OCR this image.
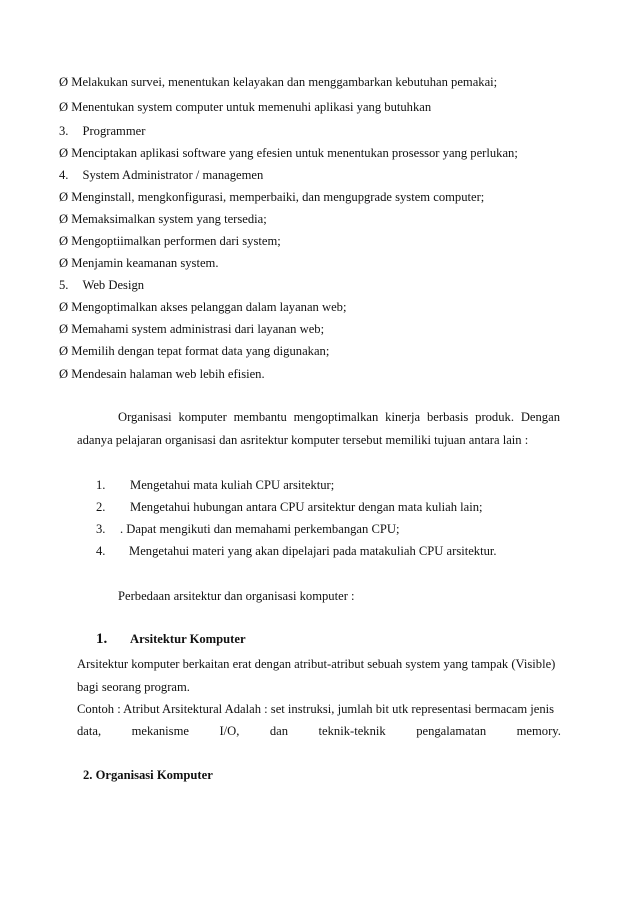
Ø Melakukan survei, menentukan kelayakan dan menggambarkan kebutuhan pemakai;
Ø Menentukan system computer untuk memenuhi aplikasi yang butuhkan
3. Programmer
Ø Menciptakan aplikasi software yang efesien untuk menentukan prosessor yang perlukan;
4. System Administrator / managemen
Ø Menginstall, mengkonfigurasi, memperbaiki, dan mengupgrade system computer;
Ø Memaksimalkan system yang tersedia;
Ø Mengoptiimalkan performen dari system;
Ø Menjamin keamanan system.
5. Web Design
Ø Mengoptimalkan akses pelanggan dalam layanan web;
Ø Memahami system administrasi dari layanan web;
Ø Memilih dengan tepat format data yang digunakan;
Ø Mendesain halaman web lebih efisien.
Organisasi komputer membantu mengoptimalkan kinerja berbasis produk. Dengan
adanya pelajaran organisasi dan asritektur komputer tersebut memiliki tujuan antara lain :
1. Mengetahui mata kuliah CPU arsitektur;
2. Mengetahui hubungan antara CPU arsitektur dengan mata kuliah lain;
3. . Dapat mengikuti dan memahami perkembangan CPU;
4. Mengetahui materi yang akan dipelajari pada matakuliah CPU arsitektur.
Perbedaan arsitektur dan organisasi komputer :
1. Arsitektur Komputer
Arsitektur komputer berkaitan erat dengan atribut-atribut sebuah system yang tampak (Visible)
bagi seorang program.
Contoh : Atribut Arsitektural Adalah : set instruksi, jumlah bit utk representasi bermacam jenis
data, mekanisme I/O, dan teknik-teknik pengalamatan memory.
2. Organisasi Komputer
